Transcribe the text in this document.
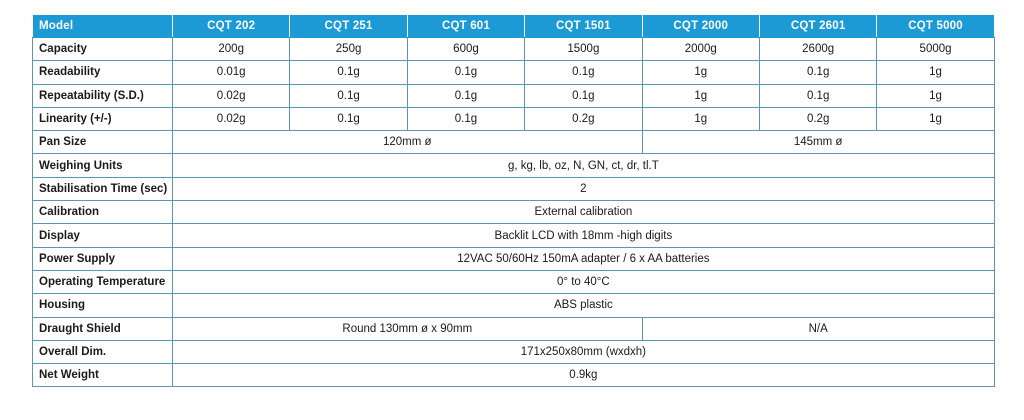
Model	CQT 202	CQT 251	CQT 601	CQT 1501	CQT 2000	CQT 2601	CQT 5000
Capacity	200g	250g	600g	1500g	2000g	2600g	5000g
Readability	0.01g	0.1g	0.1g	0.1g	1g	0.1g	1g
Repeatability (S.D.)	0.02g	0.1g	0.1g	0.1g	1g	0.1g	1g
Linearity (+/-)	0.02g	0.1g	0.1g	0.2g	1g	0.2g	1g
Pan Size	120mm ø				145mm ø		
Weighing Units	g, kg, lb, oz, N, GN, ct, dr, tl.T						
Stabilisation Time (sec)	2						
Calibration	External calibration						
Display	Backlit LCD with 18mm -high digits						
Power Supply	12VAC 50/60Hz 150mA adapter / 6 x AA batteries						
Operating Temperature	0° to 40°C						
Housing	ABS plastic						
Draught Shield	Round 130mm ø x 90mm				N/A		
Overall Dim.	171x250x80mm (wxdxh)						
Net Weight	0.9kg						
